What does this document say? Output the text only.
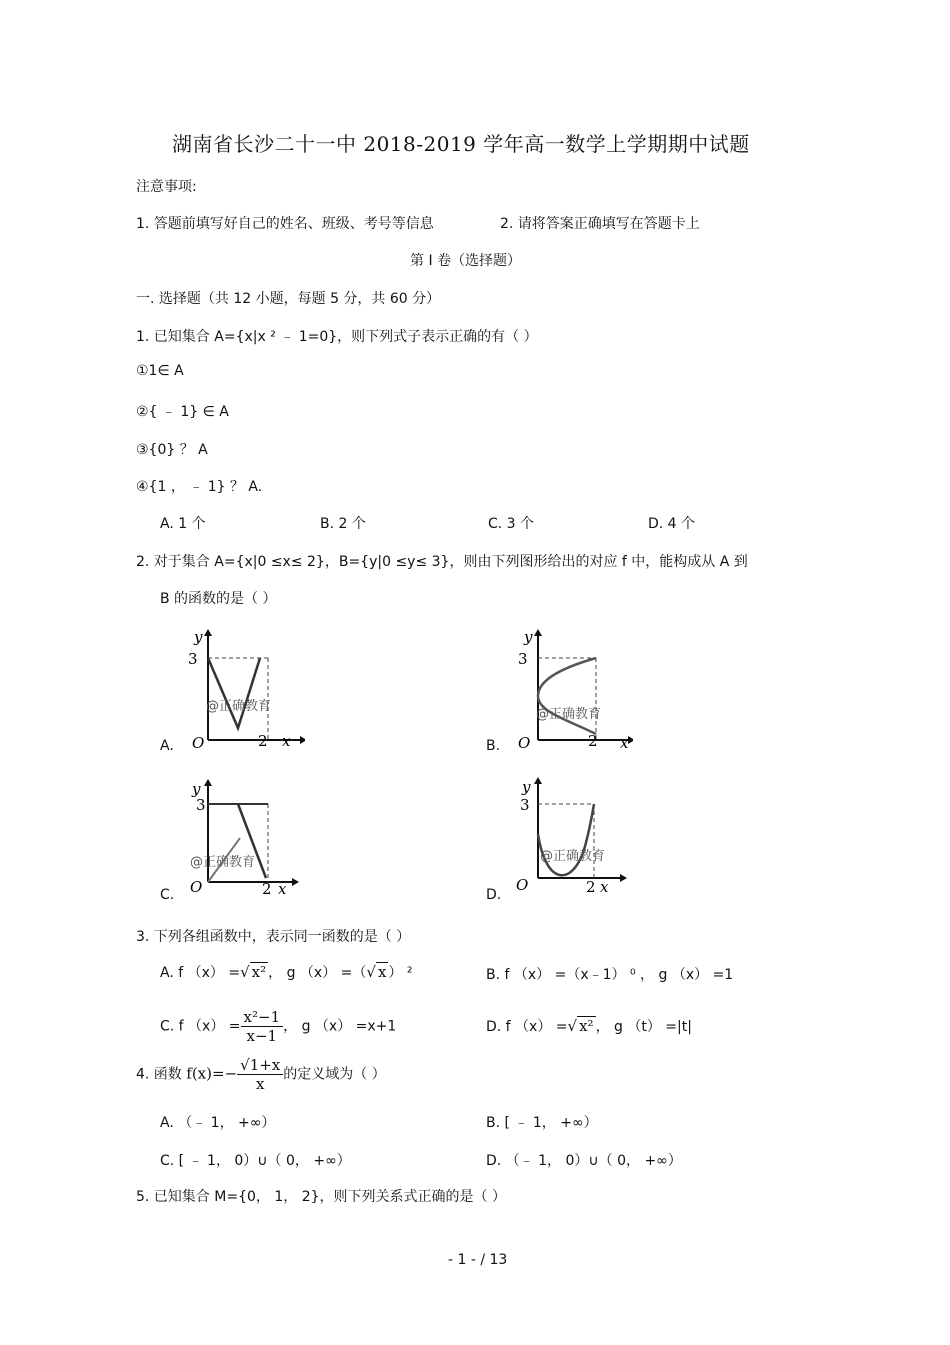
湖南省长沙二十一中 2018-2019 学年高一数学上学期期中试题
注意事项:
1. 答题前填写好自己的姓名、班级、考号等信息	2. 请将答案正确填写在答题卡上
第 I 卷（选择题）
一. 选择题（共 12 小题，每题 5 分，共 60 分）
1. 已知集合 A={x|x ² ﹣ 1=0}，则下列式子表示正确的有（ ）
①1∈ A
②{ ﹣ 1} ∈ A
③{0} ？ A
④{1 ， ﹣ 1} ？ A.
A. 1 个	B. 2 个	C. 3 个	D. 4 个
2. 对于集合 A={x|0 ≤x≤ 2}，B={y|0 ≤y≤ 3}，则由下列图形给出的对应 f 中，能构成从 A 到
B 的函数的是（ ）
@正确教育
y
3
O	2 x
A.
@正确教育
y
3
O	2 x
B.
@正确教育
y
3
O	2 x
C.
@正确教育
y
3
O	2 x
D.
3. 下列各组函数中，表示同一函数的是（ ）
A. f （x） =√ x² ， g （x） =（√ x ） ²	B. f （x） =（x﹣1） ⁰ ， g （x） =1
C. f $(x) = \frac{\text{x²−1}}{x-1}$ ， g （x） =x+1	D. f （x） =√ x² ， g （t） =|t|
4. 函数 $f(x)=- \frac{√1+x}{x}$ 的定义域为（ ）
A. （﹣ 1， +∞）	B. [ ﹣ 1， +∞）
C. [ ﹣ 1， 0）∪（ 0， +∞）	D. （﹣ 1， 0）∪（ 0， +∞）
5. 已知集合 M={0， 1， 2}，则下列关系式正确的是（ ）
- 1 - / 13
